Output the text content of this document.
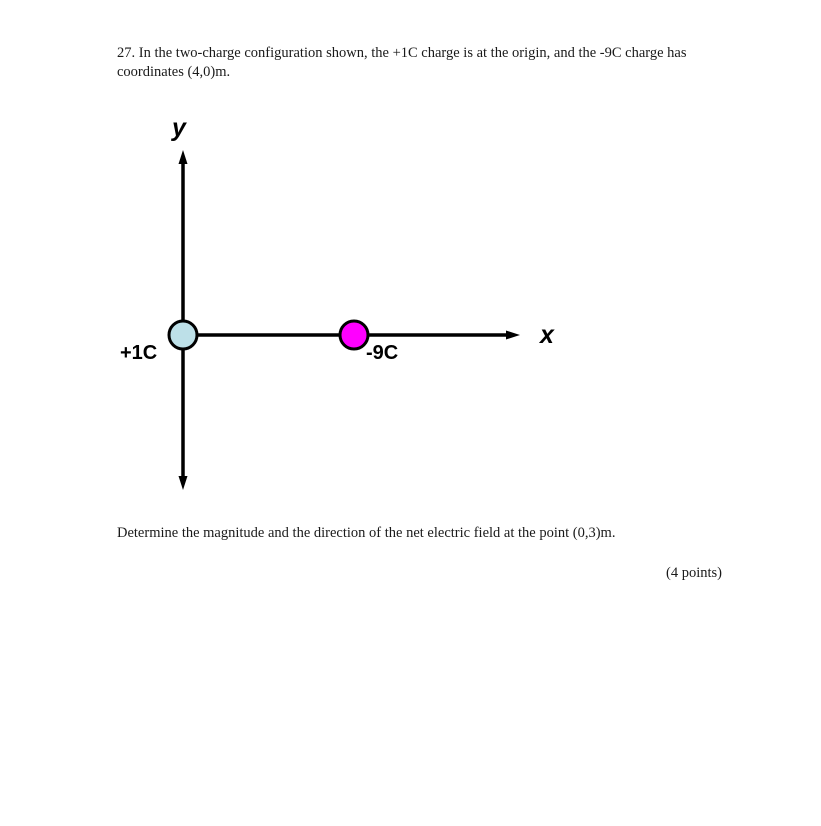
27. In the two-charge configuration shown, the +1C charge is at the origin, and the -9C charge has coordinates (4,0)m.
y
x
+1C	-9C
Determine the magnitude and the direction of the net electric field at the point (0,3)m.
(4 points)
